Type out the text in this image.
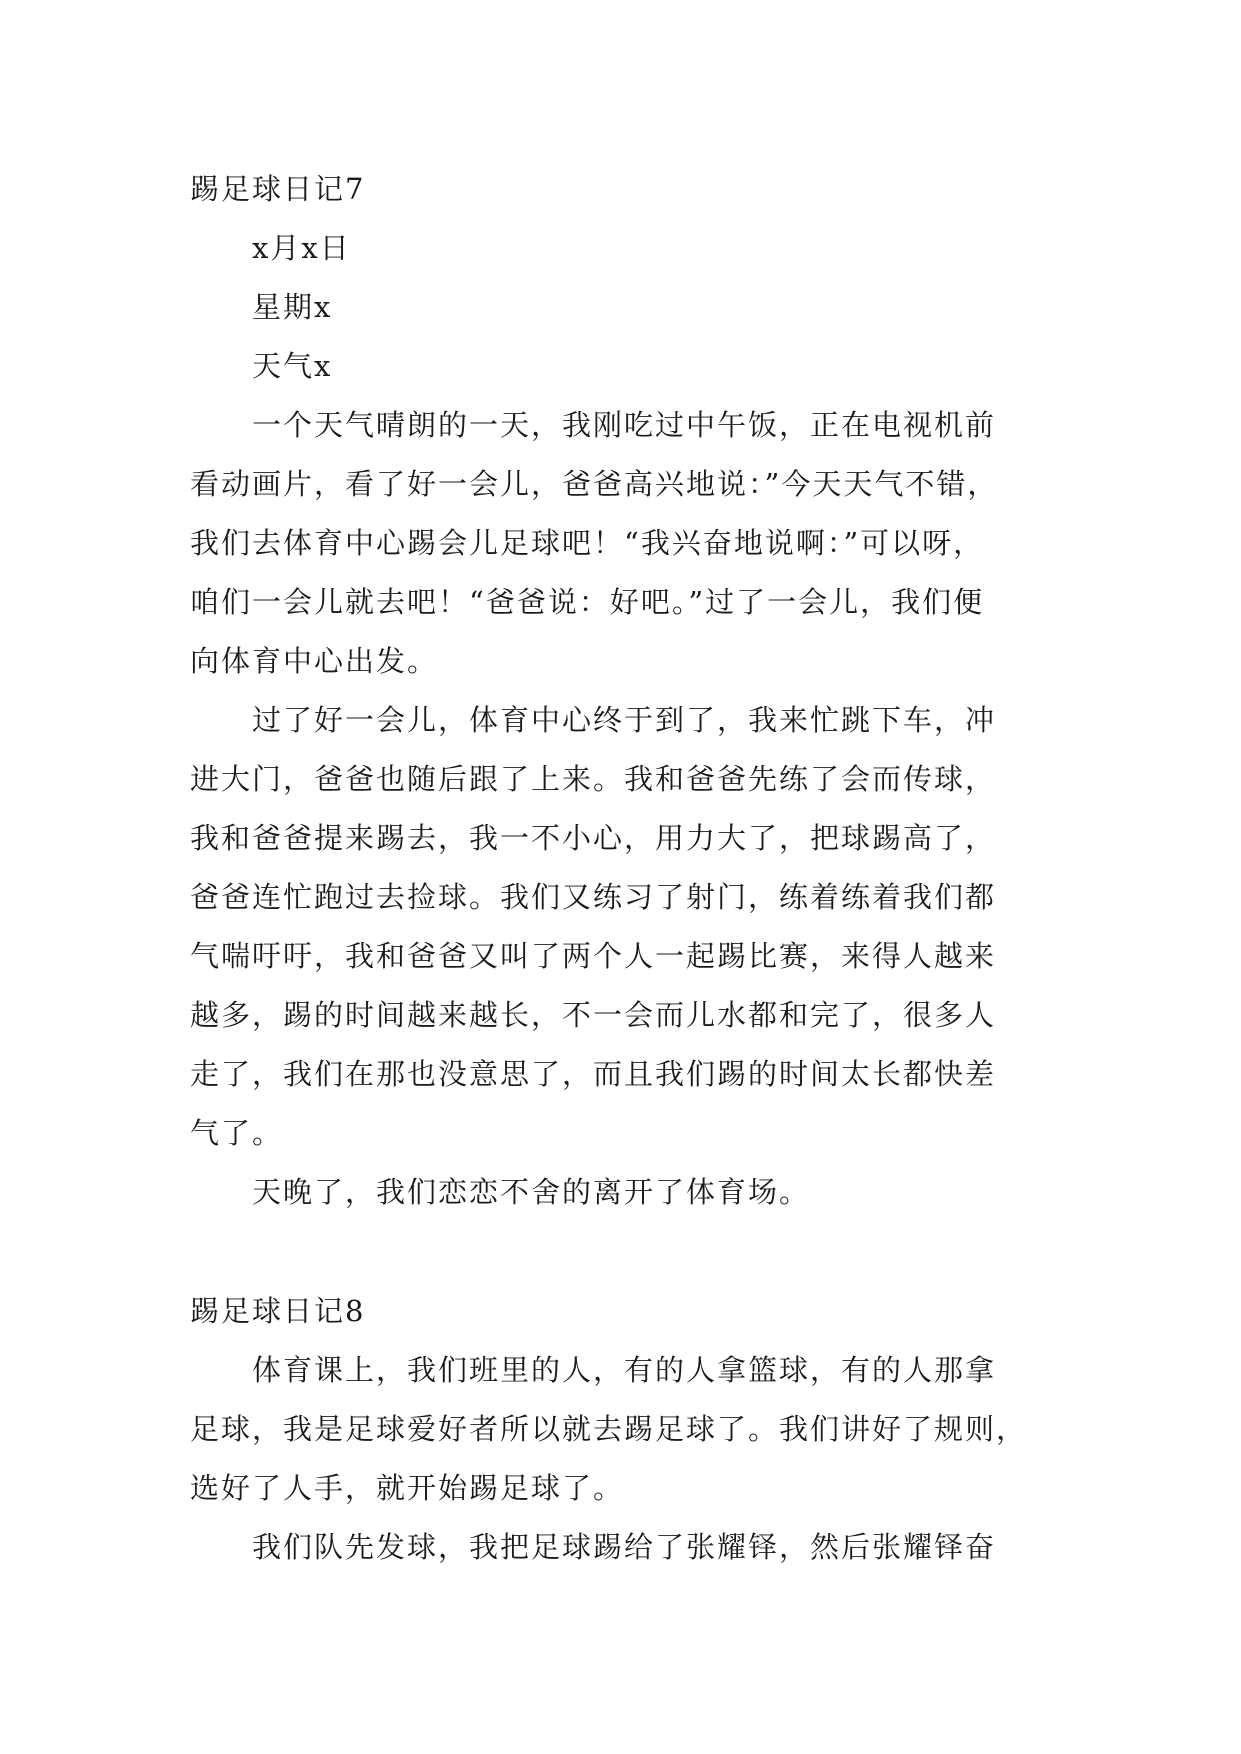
踢足球日记7
x月x日
星期x
天气x
一个天气晴朗的一天，我刚吃过中午饭，正在电视机前
看动画片，看了好一会儿，爸爸高兴地说：”今天天气不错，
我们去体育中心踢会儿足球吧！“我兴奋地说啊：”可以呀，
咱们一会儿就去吧！“爸爸说：好吧。”过了一会儿，我们便
向体育中心出发。
过了好一会儿，体育中心终于到了，我来忙跳下车，冲
进大门，爸爸也随后跟了上来。我和爸爸先练了会而传球，
我和爸爸提来踢去，我一不小心，用力大了，把球踢高了，
爸爸连忙跑过去捡球。我们又练习了射门，练着练着我们都
气喘吁吁，我和爸爸又叫了两个人一起踢比赛，来得人越来
越多，踢的时间越来越长，不一会而儿水都和完了，很多人
走了，我们在那也没意思了，而且我们踢的时间太长都快差
气了。
天晚了，我们恋恋不舍的离开了体育场。
踢足球日记8
体育课上，我们班里的人，有的人拿篮球，有的人那拿
足球，我是足球爱好者所以就去踢足球了。我们讲好了规则，
选好了人手，就开始踢足球了。
我们队先发球，我把足球踢给了张耀铎，然后张耀铎奋
